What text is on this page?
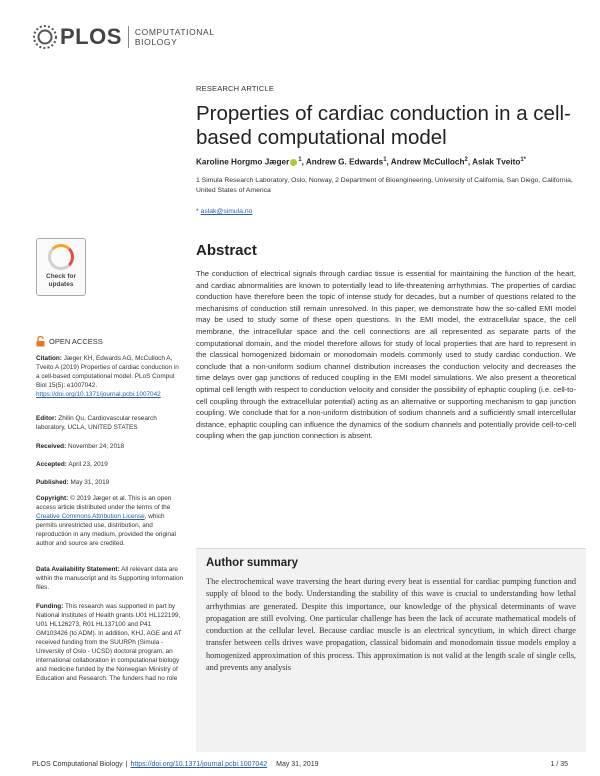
PLOS COMPUTATIONAL
BIOLOGY
RESEARCH ARTICLE
Properties of cardiac conduction in a cell-based computational model
Karoline Horgmo Jæger $^1$, Andrew G. Edwards$^1$, Andrew McCulloch$^2$, Aslak Tveito$^{1*}$
1 Simula Research Laboratory, Oslo, Norway, 2 Department of Bioengineering, University of California, San Diego, California, United States of America
* aslak@simula.no
Check for
updates
OPEN ACCESS
Citation: Jæger KH, Edwards AG, McCulloch A, Tveito A (2019) Properties of cardiac conduction in a cell-based computational model. PLoS Comput Biol 15(5): e1007042. https://doi.org/10.1371/journal.pcbi.1007042
Editor: Zhilin Qu, Cardiovascular research laboratory, UCLA, UNITED STATES
Received: November 24, 2018
Accepted: April 23, 2019
Published: May 31, 2019
Copyright: © 2019 Jæger et al. This is an open access article distributed under the terms of the Creative Commons Attribution License, which permits unrestricted use, distribution, and reproduction in any medium, provided the original author and source are credited.
Data Availability Statement: All relevant data are within the manuscript and its Supporting Information files.
Funding: This research was supported in part by National Institutes of Health grants U01 HL122199, U01 HL126273, R01 HL137100 and P41 GM103426 (to ADM). In addition, KHJ, AGE and AT received funding from the SUURPh (Simula - University of Oslo - UCSD) doctoral program, an international collaboration in computational biology and medicine funded by the Norwegian Ministry of Education and Research. The funders had no role
Abstract

The conduction of electrical signals through cardiac tissue is essential for maintaining the function of the heart, and cardiac abnormalities are known to potentially lead to life-threatening arrhythmias. The properties of cardiac conduction have therefore been the topic of intense study for decades, but a number of questions related to the mechanisms of conduction still remain unresolved. In this paper, we demonstrate how the so-called EMI model may be used to study some of these open questions. In the EMI model, the extracellular space, the cell membrane, the intracellular space and the cell connections are all represented as separate parts of the computational domain, and the model therefore allows for study of local properties that are hard to represent in the classical homogenized bidomain or monodomain models commonly used to study cardiac conduction. We conclude that a non-uniform sodium channel distribution increases the conduction velocity and decreases the time delays over gap junctions of reduced coupling in the EMI model simulations. We also present a theoretical optimal cell length with respect to conduction velocity and consider the possibility of ephaptic coupling (i.e. cell-to-cell coupling through the extracellular potential) acting as an alternative or supporting mechanism to gap junction coupling. We conclude that for a non-uniform distribution of sodium channels and a sufficiently small intercellular distance, ephaptic coupling can influence the dynamics of the sodium channels and potentially provide cell-to-cell coupling when the gap junction connection is absent.

Author summary

The electrochemical wave traversing the heart during every beat is essential for cardiac pumping function and supply of blood to the body. Understanding the stability of this wave is crucial to understanding how lethal arrhythmias are generated. Despite this importance, our knowledge of the physical determinants of wave propagation are still evolving. One particular challenge has been the lack of accurate mathematical models of conduction at the cellular level. Because cardiac muscle is an electrical syncytium, in which direct charge transfer between cells drives wave propagation, classical bidomain and monodomain tissue models employ a homogenized approximation of this process. This approximation is not valid at the length scale of single cells, and prevents any analysis

PLOS Computational Biology | https://doi.org/10.1371/journal.pcbi.1007042 May 31, 2019	1 / 35
